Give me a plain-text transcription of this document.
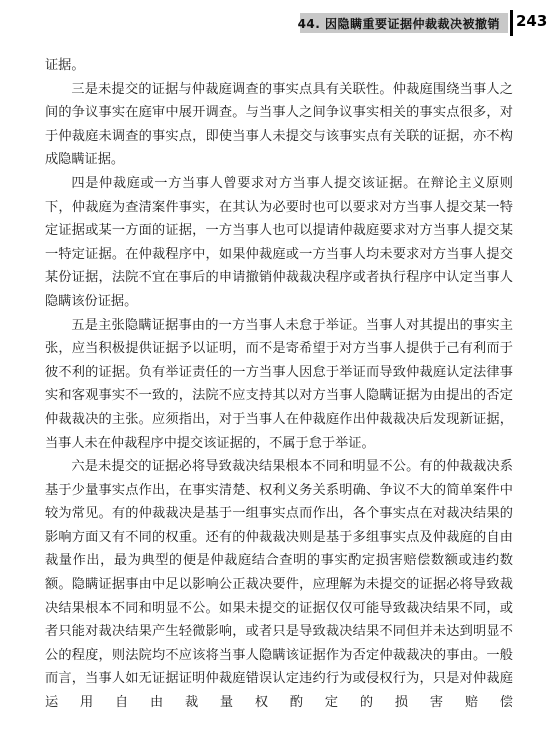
44. 因隐瞒重要证据仲裁裁决被撤销 243

证据。

三是未提交的证据与仲裁庭调查的事实点具有关联性。仲裁庭围绕当事人之间的争议事实在庭审中展开调查。与当事人之间争议事实相关的事实点很多，对于仲裁庭未调查的事实点，即使当事人未提交与该事实点有关联的证据，亦不构成隐瞒证据。

四是仲裁庭或一方当事人曾要求对方当事人提交该证据。在辩论主义原则下，仲裁庭为查清案件事实，在其认为必要时也可以要求对方当事人提交某一特定证据或某一方面的证据，一方当事人也可以提请仲裁庭要求对方当事人提交某一特定证据。在仲裁程序中，如果仲裁庭或一方当事人均未要求对方当事人提交某份证据，法院不宜在事后的申请撤销仲裁裁决程序或者执行程序中认定当事人隐瞒该份证据。

五是主张隐瞒证据事由的一方当事人未怠于举证。当事人对其提出的事实主张，应当积极提供证据予以证明，而不是寄希望于对方当事人提供于己有利而于彼不利的证据。负有举证责任的一方当事人因怠于举证而导致仲裁庭认定法律事实和客观事实不一致的，法院不应支持其以对方当事人隐瞒证据为由提出的否定仲裁裁决的主张。应须指出，对于当事人在仲裁庭作出仲裁裁决后发现新证据，当事人未在仲裁程序中提交该证据的，不属于怠于举证。

六是未提交的证据必将导致裁决结果根本不同和明显不公。有的仲裁裁决系基于少量事实点作出，在事实清楚、权利义务关系明确、争议不大的简单案件中较为常见。有的仲裁裁决是基于一组事实点而作出，各个事实点在对裁决结果的影响方面又有不同的权重。还有的仲裁裁决则是基于多组事实点及仲裁庭的自由裁量作出，最为典型的便是仲裁庭结合查明的事实酌定损害赔偿数额或违约数额。隐瞒证据事由中足以影响公正裁决要件，应理解为未提交的证据必将导致裁决结果根本不同和明显不公。如果未提交的证据仅仅可能导致裁决结果不同，或者只能对裁决结果产生轻微影响，或者只是导致裁决结果不同但并未达到明显不公的程度，则法院均不应该将当事人隐瞒该证据作为否定仲裁裁决的事由。一般而言，当事人如无证据证明仲裁庭错误认定违约行为或侵权行为，只是对仲裁庭运用自由裁量权酌定的损害赔偿
